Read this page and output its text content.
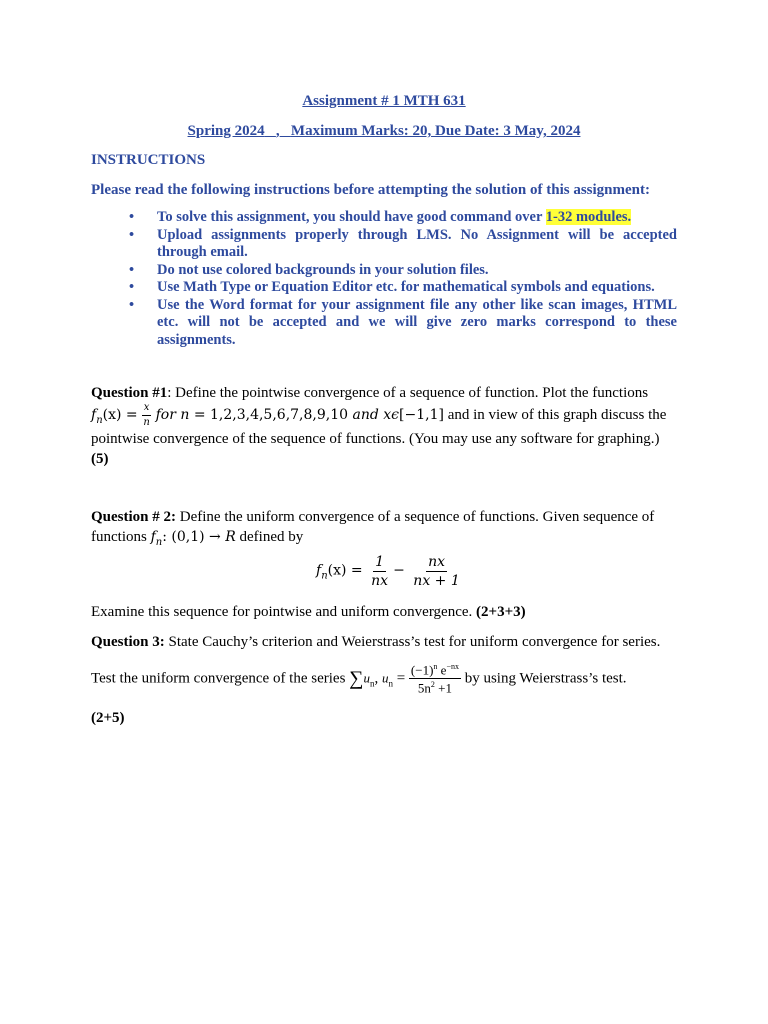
Assignment # 1 MTH 631
Spring 2024 , Maximum Marks: 20, Due Date: 3 May, 2024
INSTRUCTIONS
Please read the following instructions before attempting the solution of this assignment:
• To solve this assignment, you should have good command over 1-32 modules.
• Upload assignments properly through LMS. No Assignment will be accepted through email.
• Do not use colored backgrounds in your solution files.
• Use Math Type or Equation Editor etc. for mathematical symbols and equations.
• Use the Word format for your assignment file any other like scan images, HTML etc. will not be accepted and we will give zero marks correspond to these assignments.
Question #1: Define the pointwise convergence of a sequence of function. Plot the functions
$f_n(x) = \frac{x}{n}$ for n = 1,2,3,4,5,6,7,8,9,10 and xϵ[−1,1] and in view of this graph discuss the
pointwise convergence of the sequence of functions. (You may use any software for graphing.)
(5)
Question # 2: Define the uniform convergence of a sequence of functions. Given sequence of
functions $f_n$: (0,1) → R defined by
$f_n(x) = \frac{1}{nx} - \frac{nx}{nx + 1}$
Examine this sequence for pointwise and uniform convergence. (2+3+3)
Question 3: State Cauchy’s criterion and Weierstrass’s test for uniform convergence for series.
Test the uniform convergence of the series $\sum u_n$, $u_n = \frac{(-1)^n e^{-nx}}{5n^2 +1}$ by using Weierstrass’s test.
(2+5)
